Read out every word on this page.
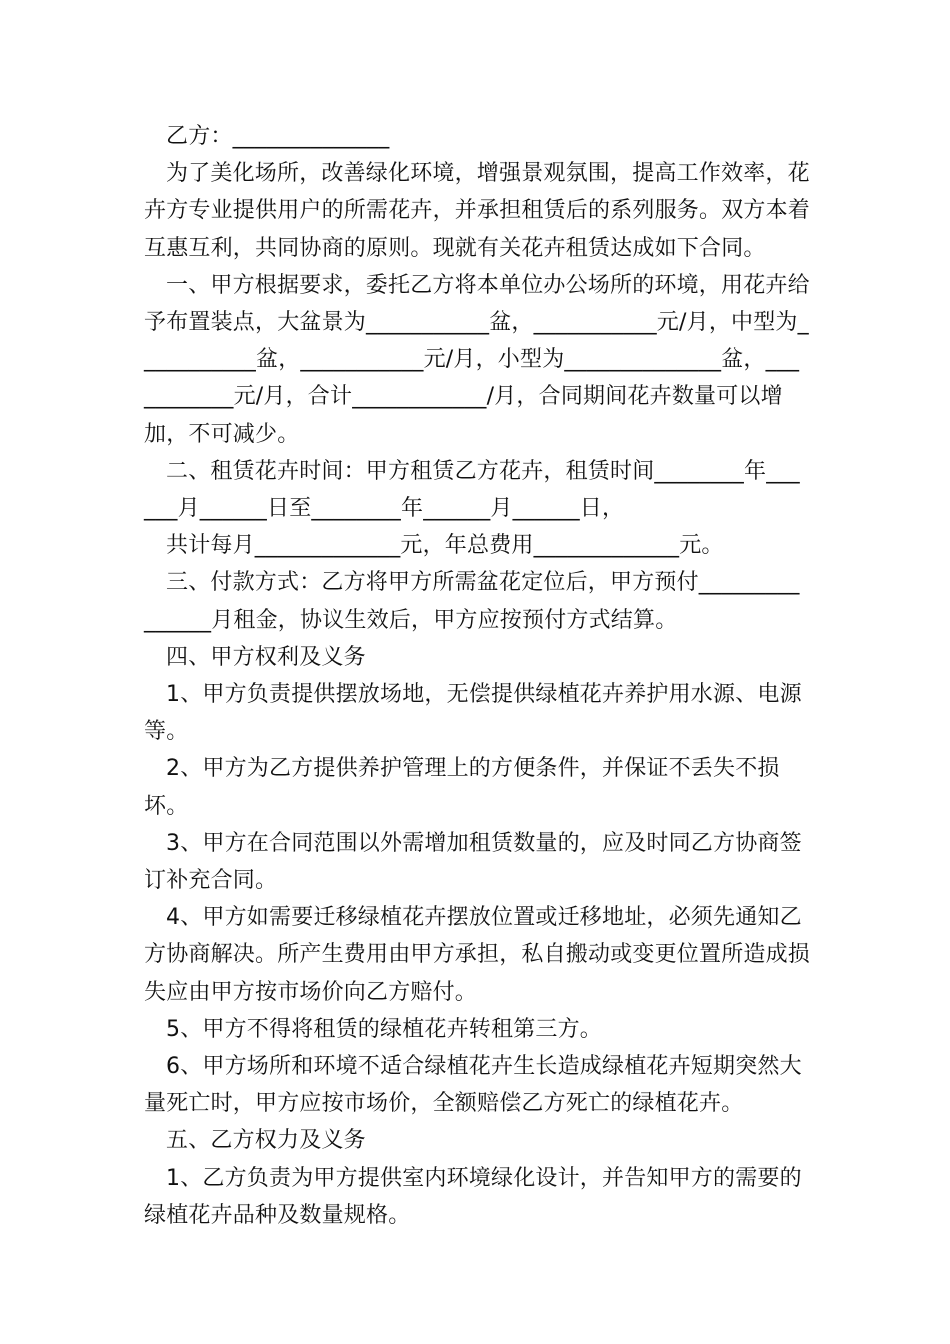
乙方：______________

为了美化场所，改善绿化环境，增强景观氛围，提高工作效率，花卉方专业提供用户的所需花卉，并承担租赁后的系列服务。双方本着互惠互利，共同协商的原则。现就有关花卉租赁达成如下合同。

一、甲方根据要求，委托乙方将本单位办公场所的环境，用花卉给予布置装点，大盆景为___________盆，___________元/月，中型为___________盆，___________元/月，小型为______________盆，___________元/月，合计____________/月，合同期间花卉数量可以增加，不可减少。

二、租赁花卉时间：甲方租赁乙方花卉，租赁时间________年______月______日至________年______月______日，

共计每月_____________元，年总费用_____________元。

三、付款方式：乙方将甲方所需盆花定位后，甲方预付_______________月租金，协议生效后，甲方应按预付方式结算。

四、甲方权利及义务

1、甲方负责提供摆放场地，无偿提供绿植花卉养护用水源、电源等。

2、甲方为乙方提供养护管理上的方便条件，并保证不丢失不损坏。

3、甲方在合同范围以外需增加租赁数量的，应及时同乙方协商签订补充合同。

4、甲方如需要迁移绿植花卉摆放位置或迁移地址，必须先通知乙方协商解决。所产生费用由甲方承担，私自搬动或变更位置所造成损失应由甲方按市场价向乙方赔付。

5、甲方不得将租赁的绿植花卉转租第三方。

6、甲方场所和环境不适合绿植花卉生长造成绿植花卉短期突然大量死亡时，甲方应按市场价，全额赔偿乙方死亡的绿植花卉。

五、乙方权力及义务

1、乙方负责为甲方提供室内环境绿化设计，并告知甲方的需要的绿植花卉品种及数量规格。
